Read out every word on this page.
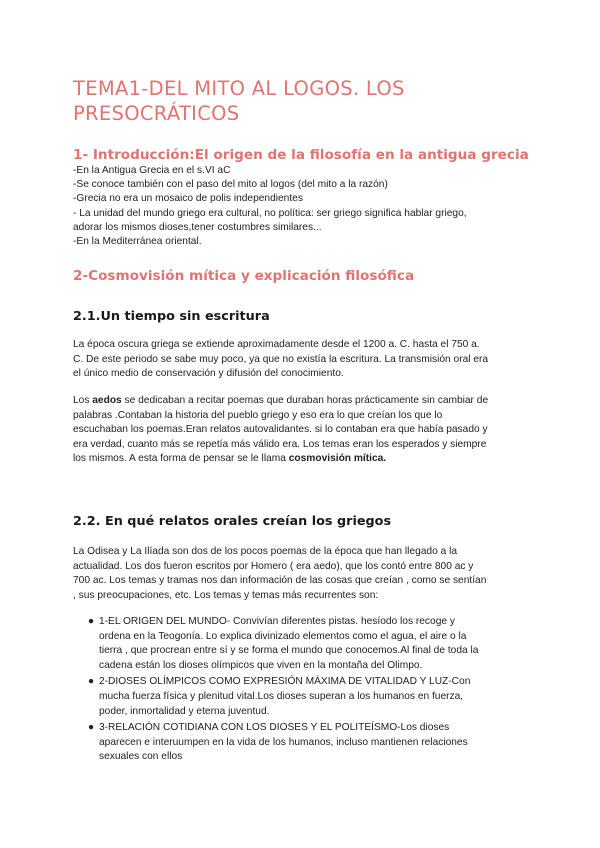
TEMA1-DEL MITO AL LOGOS. LOS
PRESOCRÁTICOS
1- Introducción:El origen de la filosofía en la antigua grecia
-En la Antigua Grecia en el s.VI aC
-Se conoce también con el paso del mito al logos (del mito a la razón)
-Grecia no era un mosaico de polis independientes
- La unidad del mundo griego era cultural, no política: ser griego significa hablar griego,
adorar los mismos dioses,tener costumbres similares...
-En la Mediterránea oriental.
2-Cosmovisión mítica y explicación filosófica
2.1.Un tiempo sin escritura
La época oscura griega se extiende aproximadamente desde el 1200 a. C. hasta el 750 a.
C. De este periodo se sabe muy poco, ya que no existía la escritura. La transmisión oral era
el único medio de conservación y difusión del conocimiento.
Los aedos se dedicaban a recitar poemas que duraban horas prácticamente sin cambiar de
palabras .Contaban la historia del pueblo griego y eso era lo que creían los que lo
escuchaban los poemas.Eran relatos autovalidantes. si lo contaban era que había pasado y
era verdad, cuanto más se repetía más válido era. Los temas eran los esperados y siempre
los mismos. A esta forma de pensar se le llama cosmovisión mítica.
2.2. En qué relatos orales creían los griegos
La Odisea y La Ilíada son dos de los pocos poemas de la época que han llegado a la
actualidad. Los dos fueron escritos por Homero ( era aedo), que los contó entre 800 ac y
700 ac. Los temas y tramas nos dan información de las cosas que creían , como se sentían
, sus preocupaciones, etc. Los temas y temas más recurrentes son:
● 1-EL ORIGEN DEL MUNDO- Convivían diferentes pistas. hesíodo los recoge y
ordena en la Teogonía. Lo explica divinizado elementos como el agua, el aire o la
tierra , que procrean entre sí y se forma el mundo que conocemos.Al final de toda la
cadena están los dioses olímpicos que viven en la montaña del Olimpo.
● 2-DIOSES OLÍMPICOS COMO EXPRESIÓN MÁXIMA DE VITALIDAD Y LUZ-Con
mucha fuerza física y plenitud vital.Los dioses superan a los humanos en fuerza,
poder, inmortalidad y eterna juventud.
● 3-RELACIÓN COTIDIANA CON LOS DIOSES Y EL POLITEÍSMO-Los dioses
aparecen e interuumpen en la vida de los humanos, incluso mantienen relaciones
sexuales con ellos
